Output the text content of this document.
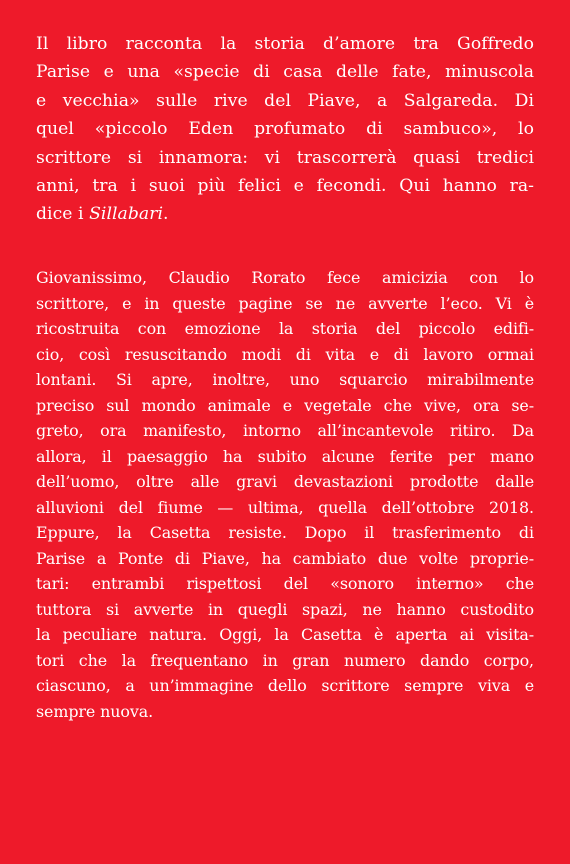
Il libro racconta la storia d’amore tra Goffredo
Parise e una «specie di casa delle fate, minuscola
e vecchia» sulle rive del Piave, a Salgareda. Di
quel «piccolo Eden profumato di sambuco», lo
scrittore si innamora: vi trascorrerà quasi tredici
anni, tra i suoi più felici e fecondi. Qui hanno ra-
dice i Sillabari.
Giovanissimo, Claudio Rorato fece amicizia con lo
scrittore, e in queste pagine se ne avverte l’eco. Vi è
ricostruita con emozione la storia del piccolo edifi-
cio, così resuscitando modi di vita e di lavoro ormai
lontani. Si apre, inoltre, uno squarcio mirabilmente
preciso sul mondo animale e vegetale che vive, ora se-
greto, ora manifesto, intorno all’incantevole ritiro. Da
allora, il paesaggio ha subito alcune ferite per mano
dell’uomo, oltre alle gravi devastazioni prodotte dalle
alluvioni del fiume — ultima, quella dell’ottobre 2018.
Eppure, la Casetta resiste. Dopo il trasferimento di
Parise a Ponte di Piave, ha cambiato due volte proprie-
tari: entrambi rispettosi del «sonoro interno» che
tuttora si avverte in quegli spazi, ne hanno custodito
la peculiare natura. Oggi, la Casetta è aperta ai visita-
tori che la frequentano in gran numero dando corpo,
ciascuno, a un’immagine dello scrittore sempre viva e
sempre nuova.
